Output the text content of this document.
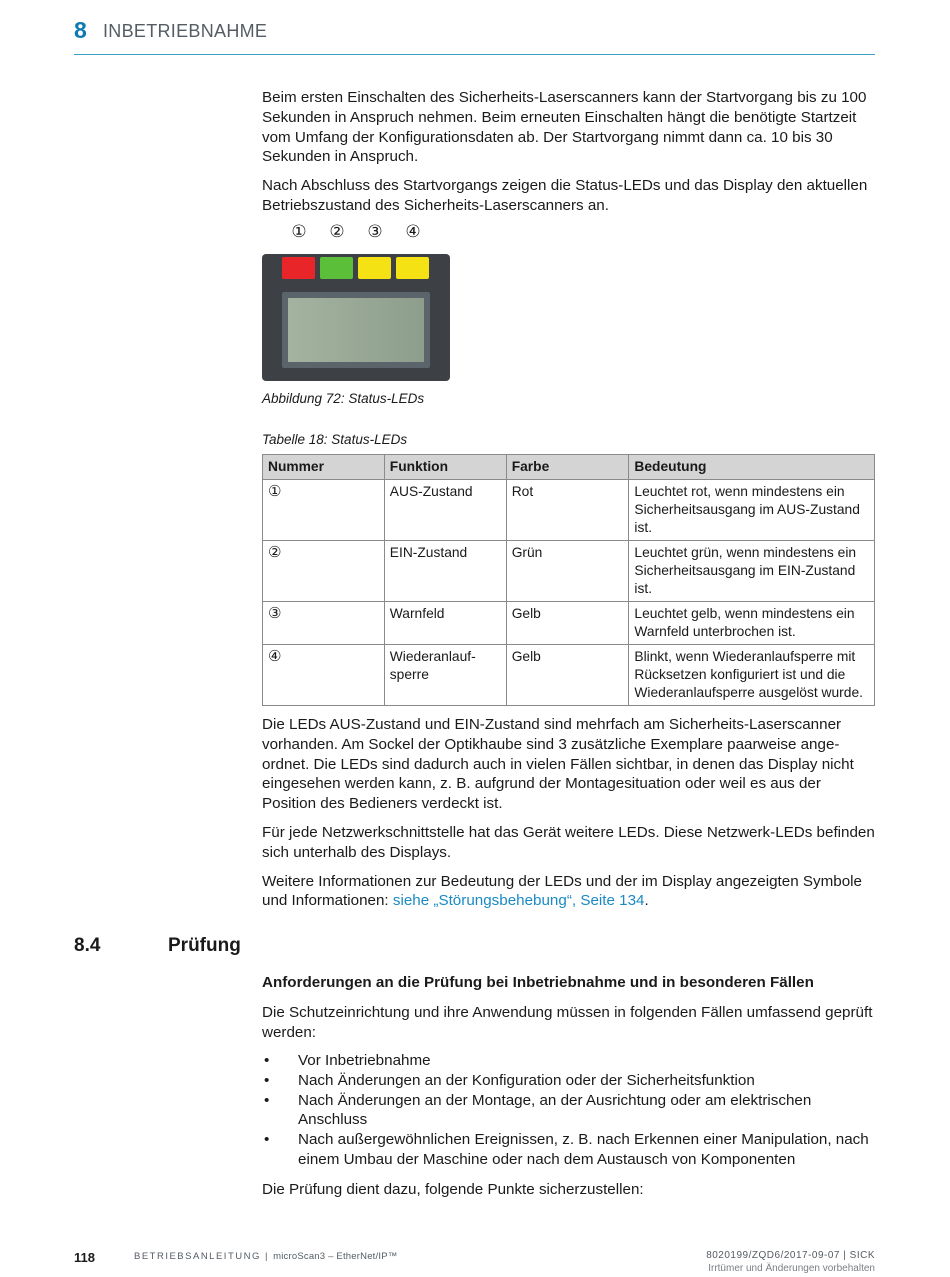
8 INBETRIEBNAHME

Beim ersten Einschalten des Sicherheits-Laserscanners kann der Startvorgang bis zu 100 Sekunden in Anspruch nehmen. Beim erneuten Einschalten hängt die benötigte Startzeit vom Umfang der Konfigurationsdaten ab. Der Startvorgang nimmt dann ca. 10 bis 30 Sekunden in Anspruch.

Nach Abschluss des Startvorgangs zeigen die Status-LEDs und das Display den aktuellen Betriebszustand des Sicherheits-Laserscanners an.

① ② ③ ④
Abbildung 72: Status-LEDs
Tabelle 18: Status-LEDs
Nummer	Funktion	Farbe	Bedeutung
①	AUS-Zustand	Rot	Leuchtet rot, wenn mindestens ein Sicherheitsausgang im AUS-Zustand ist.
②	EIN-Zustand	Grün	Leuchtet grün, wenn mindestens ein Sicherheitsausgang im EIN-Zustand ist.
③	Warnfeld	Gelb	Leuchtet gelb, wenn mindestens ein Warnfeld unterbrochen ist.
④	Wiederanlaufsperre	Gelb	Blinkt, wenn Wiederanlaufsperre mit Rücksetzen konfiguriert ist und die Wiederanlaufsperre ausgelöst wurde.

Die LEDs AUS-Zustand und EIN-Zustand sind mehrfach am Sicherheits-Laserscanner vorhanden. Am Sockel der Optikhaube sind 3 zusätzliche Exemplare paarweise angeordnet. Die LEDs sind dadurch auch in vielen Fällen sichtbar, in denen das Display nicht eingesehen werden kann, z. B. aufgrund der Montagesituation oder weil es aus der Position des Bedieners verdeckt ist.

Für jede Netzwerkschnittstelle hat das Gerät weitere LEDs. Diese Netzwerk-LEDs befinden sich unterhalb des Displays.

Weitere Informationen zur Bedeutung der LEDs und der im Display angezeigten Symbole und Informationen: siehe „Störungsbehebung“, Seite 134.

8.4	Prüfung
Anforderungen an die Prüfung bei Inbetriebnahme und in besonderen Fällen

Die Schutzeinrichtung und ihre Anwendung müssen in folgenden Fällen umfassend geprüft werden:

• Vor Inbetriebnahme
• Nach Änderungen an der Konfiguration oder der Sicherheitsfunktion
• Nach Änderungen an der Montage, an der Ausrichtung oder am elektrischen Anschluss
• Nach außergewöhnlichen Ereignissen, z. B. nach Erkennen einer Manipulation, nach einem Umbau der Maschine oder nach dem Austausch von Komponenten

Die Prüfung dient dazu, folgende Punkte sicherzustellen:

118	BETRIEBSANLEITUNG | microScan3 – EtherNet/IP™	8020199/ZQD6/2017-09-07 | SICK
Irrtümer und Änderungen vorbehalten
